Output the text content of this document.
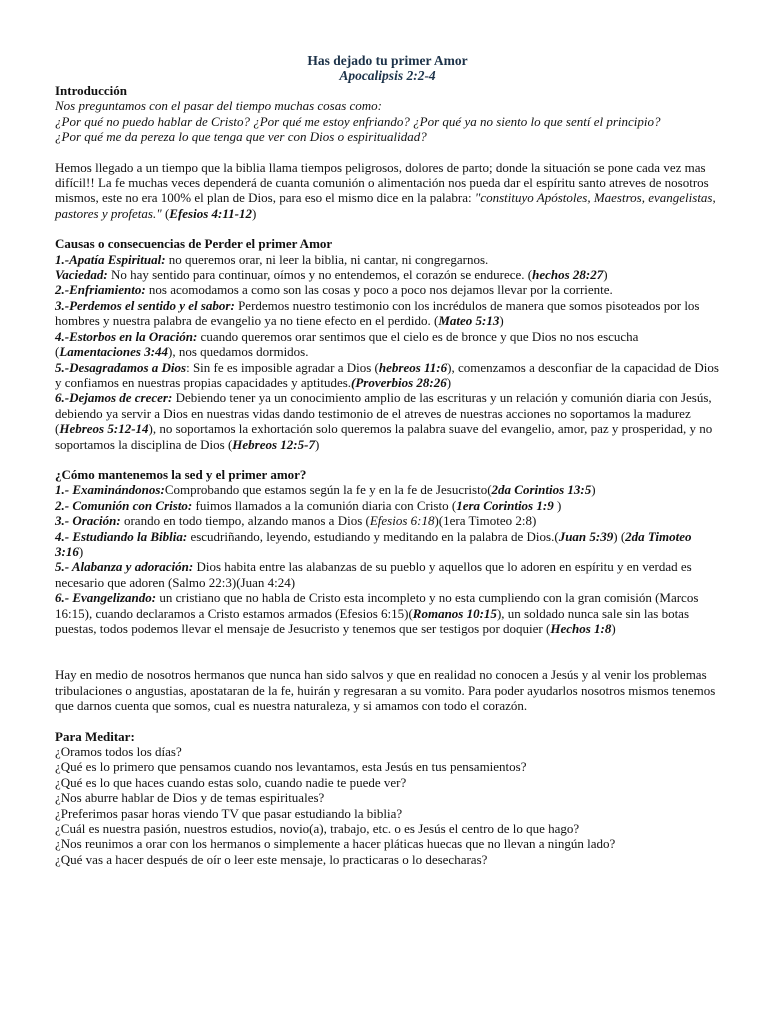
Has dejado tu primer Amor
Apocalipsis 2:2-4

Introducción

Nos preguntamos con el pasar del tiempo muchas cosas como:

¿Por qué no puedo hablar de Cristo? ¿Por qué me estoy enfriando? ¿Por qué ya no siento lo que sentí el principio?

¿Por qué me da pereza lo que tenga que ver con Dios o espiritualidad?

Hemos llegado a un tiempo que la biblia llama tiempos peligrosos, dolores de parto; donde la situación se pone cada vez mas difícil!! La fe muchas veces dependerá de cuanta comunión o alimentación nos pueda dar el espíritu santo atreves de nosotros mismos, este no era 100% el plan de Dios, para eso el mismo dice en la palabra: "constituyo Apóstoles, Maestros, evangelistas, pastores y profetas." (Efesios 4:11-12)

Causas o consecuencias de Perder el primer Amor

1.-Apatía Espiritual: no queremos orar, ni leer la biblia, ni cantar, ni congregarnos.

Vaciedad: No hay sentido para continuar, oímos y no entendemos, el corazón se endurece. (hechos 28:27)

2.-Enfriamiento: nos acomodamos a como son las cosas y poco a poco nos dejamos llevar por la corriente.

3.-Perdemos el sentido y el sabor: Perdemos nuestro testimonio con los incrédulos de manera que somos pisoteados por los hombres y nuestra palabra de evangelio ya no tiene efecto en el perdido. (Mateo 5:13)

4.-Estorbos en la Oración: cuando queremos orar sentimos que el cielo es de bronce y que Dios no nos escucha (Lamentaciones 3:44), nos quedamos dormidos.

5.-Desagradamos a Dios: Sin fe es imposible agradar a Dios (hebreos 11:6), comenzamos a desconfiar de la capacidad de Dios y confiamos en nuestras propias capacidades y aptitudes.(Proverbios 28:26)

6.-Dejamos de crecer: Debiendo tener ya un conocimiento amplio de las escrituras y un relación y comunión diaria con Jesús, debiendo ya servir a Dios en nuestras vidas dando testimonio de el atreves de nuestras acciones no soportamos la madurez (Hebreos 5:12-14), no soportamos la exhortación solo queremos la palabra suave del evangelio, amor, paz y prosperidad, y no soportamos la disciplina de Dios (Hebreos 12:5-7)

¿Cómo mantenemos la sed y el primer amor?

1.- Examinándonos:Comprobando que estamos según la fe y en la fe de Jesucristo(2da Corintios 13:5)

2.- Comunión con Cristo: fuimos llamados a la comunión diaria con Cristo (1era Corintios 1:9 )

3.- Oración: orando en todo tiempo, alzando manos a Dios (Efesios 6:18)(1era Timoteo 2:8)

4.- Estudiando la Biblia: escudriñando, leyendo, estudiando y meditando en la palabra de Dios.(Juan 5:39) (2da Timoteo 3:16)

5.- Alabanza y adoración: Dios habita entre las alabanzas de su pueblo y aquellos que lo adoren en espíritu y en verdad es necesario que adoren (Salmo 22:3)(Juan 4:24)

6.- Evangelizando: un cristiano que no habla de Cristo esta incompleto y no esta cumpliendo con la gran comisión (Marcos 16:15), cuando declaramos a Cristo estamos armados (Efesios 6:15)(Romanos 10:15), un soldado nunca sale sin las botas puestas, todos podemos llevar el mensaje de Jesucristo y tenemos que ser testigos por doquier (Hechos 1:8)

Hay en medio de nosotros hermanos que nunca han sido salvos y que en realidad no conocen a Jesús y al venir los problemas tribulaciones o angustias, apostataran de la fe, huirán y regresaran a su vomito. Para poder ayudarlos nosotros mismos tenemos que darnos cuenta que somos, cual es nuestra naturaleza, y si amamos con todo el corazón.

Para Meditar:

¿Oramos todos los días?

¿Qué es lo primero que pensamos cuando nos levantamos, esta Jesús en tus pensamientos?

¿Qué es lo que haces cuando estas solo, cuando nadie te puede ver?

¿Nos aburre hablar de Dios y de temas espirituales?

¿Preferimos pasar horas viendo TV que pasar estudiando la biblia?

¿Cuál es nuestra pasión, nuestros estudios, novio(a), trabajo, etc. o es Jesús el centro de lo que hago?

¿Nos reunimos a orar con los hermanos o simplemente a hacer pláticas huecas que no llevan a ningún lado?

¿Qué vas a hacer después de oír o leer este mensaje, lo practicaras o lo desecharas?
